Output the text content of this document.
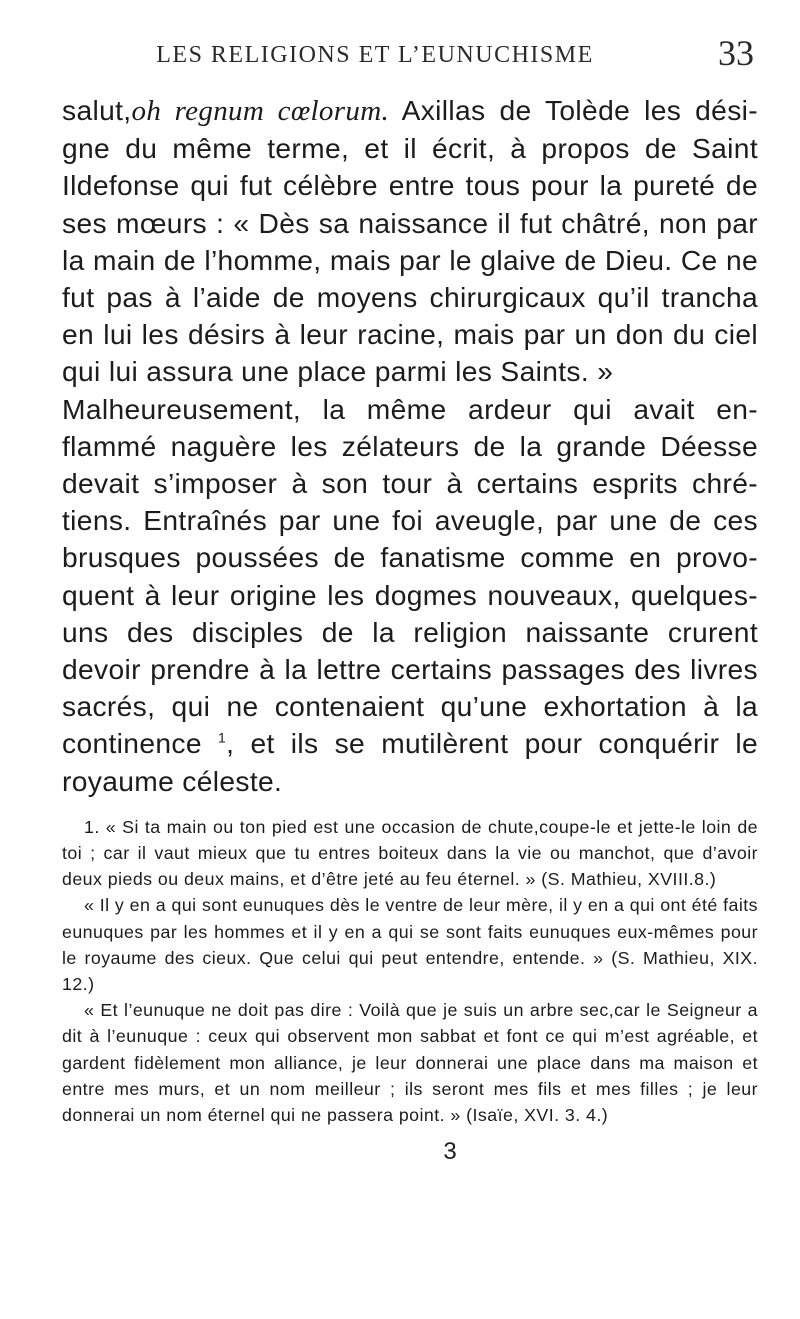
LES RELIGIONS ET L’EUNUCHISME	33

salut,oh regnum cœlorum. Axillas de Tolède les dési-gne du même terme, et il écrit, à propos de Saint Ildefonse qui fut célèbre entre tous pour la pureté de ses mœurs : « Dès sa naissance il fut châtré, non par la main de l’homme, mais par le glaive de Dieu. Ce ne fut pas à l’aide de moyens chirurgicaux qu’il trancha en lui les désirs à leur racine, mais par un don du ciel qui lui assura une place parmi les Saints. »

Malheureusement, la même ardeur qui avait en-flammé naguère les zélateurs de la grande Déesse devait s’imposer à son tour à certains esprits chré-tiens. Entraînés par une foi aveugle, par une de ces brusques poussées de fanatisme comme en provo-quent à leur origine les dogmes nouveaux, quelques-uns des disciples de la religion naissante crurent devoir prendre à la lettre certains passages des livres sacrés, qui ne contenaient qu’une exhortation à la continence $^1$, et ils se mutilèrent pour conquérir le royaume céleste.

1. « Si ta main ou ton pied est une occasion de chute,coupe-le et jette-le loin de toi ; car il vaut mieux que tu entres boiteux dans la vie ou manchot, que d’avoir deux pieds ou deux mains, et d’être jeté au feu éternel. » (S. Mathieu, XVIII.8.)

« Il y en a qui sont eunuques dès le ventre de leur mère, il y en a qui ont été faits eunuques par les hommes et il y en a qui se sont faits eunuques eux-mêmes pour le royaume des cieux. Que celui qui peut entendre, entende. » (S. Mathieu, XIX. 12.)

« Et l’eunuque ne doit pas dire : Voilà que je suis un arbre sec,car le Seigneur a dit à l’eunuque : ceux qui observent mon sabbat et font ce qui m’est agréable, et gardent fidèlement mon alliance, je leur donnerai une place dans ma maison et entre mes murs, et un nom meilleur ; ils seront mes fils et mes filles ; je leur donnerai un nom éternel qui ne passera point. » (Isaïe, XVI. 3. 4.)

3
